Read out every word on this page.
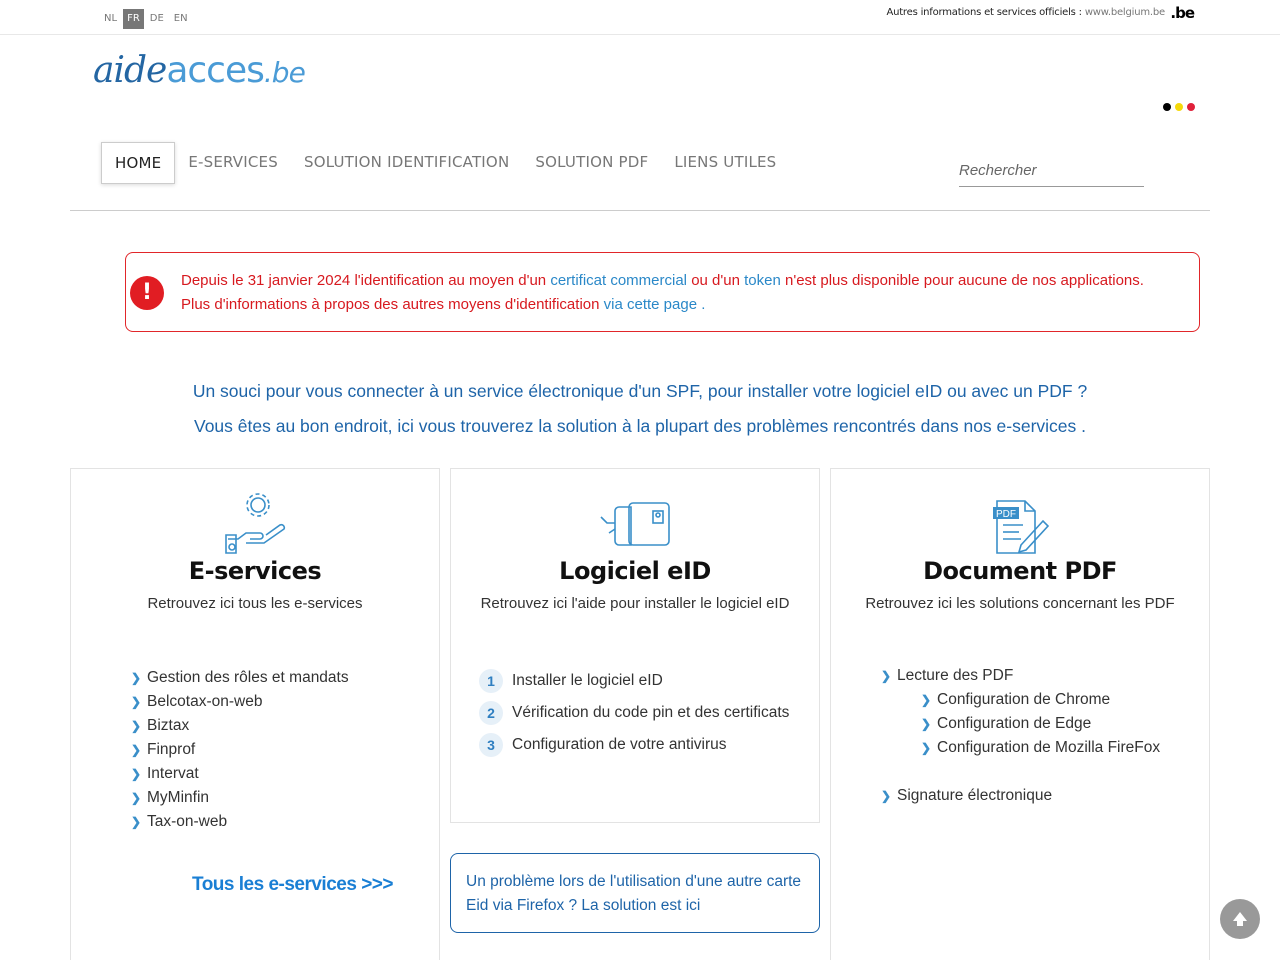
NL	FR	DE	EN
Autres informations et services officiels : www.belgium.be .be
aideacces.be
HOME	E-SERVICES	SOLUTION IDENTIFICATION	SOLUTION PDF	LIENS UTILES
Rechercher
!	Depuis le 31 janvier 2024 l'identification au moyen d'un certificat commercial ou d'un token n'est plus disponible pour aucune de nos applications.
Plus d'informations à propos des autres moyens d'identification via cette page .
Un souci pour vous connecter à un service électronique d'un SPF, pour installer votre logiciel eID ou avec un PDF ?
Vous êtes au bon endroit, ici vous trouverez la solution à la plupart des problèmes rencontrés dans nos e-services .
E-services
Retrouvez ici tous les e-services
❯ Gestion des rôles et mandats
❯ Belcotax-on-web
❯ Biztax
❯ Finprof
❯ Intervat
❯ MyMinfin
❯ Tax-on-web
Tous les e-services >>>
Logiciel eID
Retrouvez ici l'aide pour installer le logiciel eID
1	Installer le logiciel eID
2	Vérification du code pin et des certificats
3	Configuration de votre antivirus
Un problème lors de l'utilisation d'une autre carte
Eid via Firefox ? La solution est ici
PDF
Document PDF
Retrouvez ici les solutions concernant les PDF
❯ Lecture des PDF
❯ Configuration de Chrome
❯ Configuration de Edge
❯ Configuration de Mozilla FireFox
❯ Signature électronique
